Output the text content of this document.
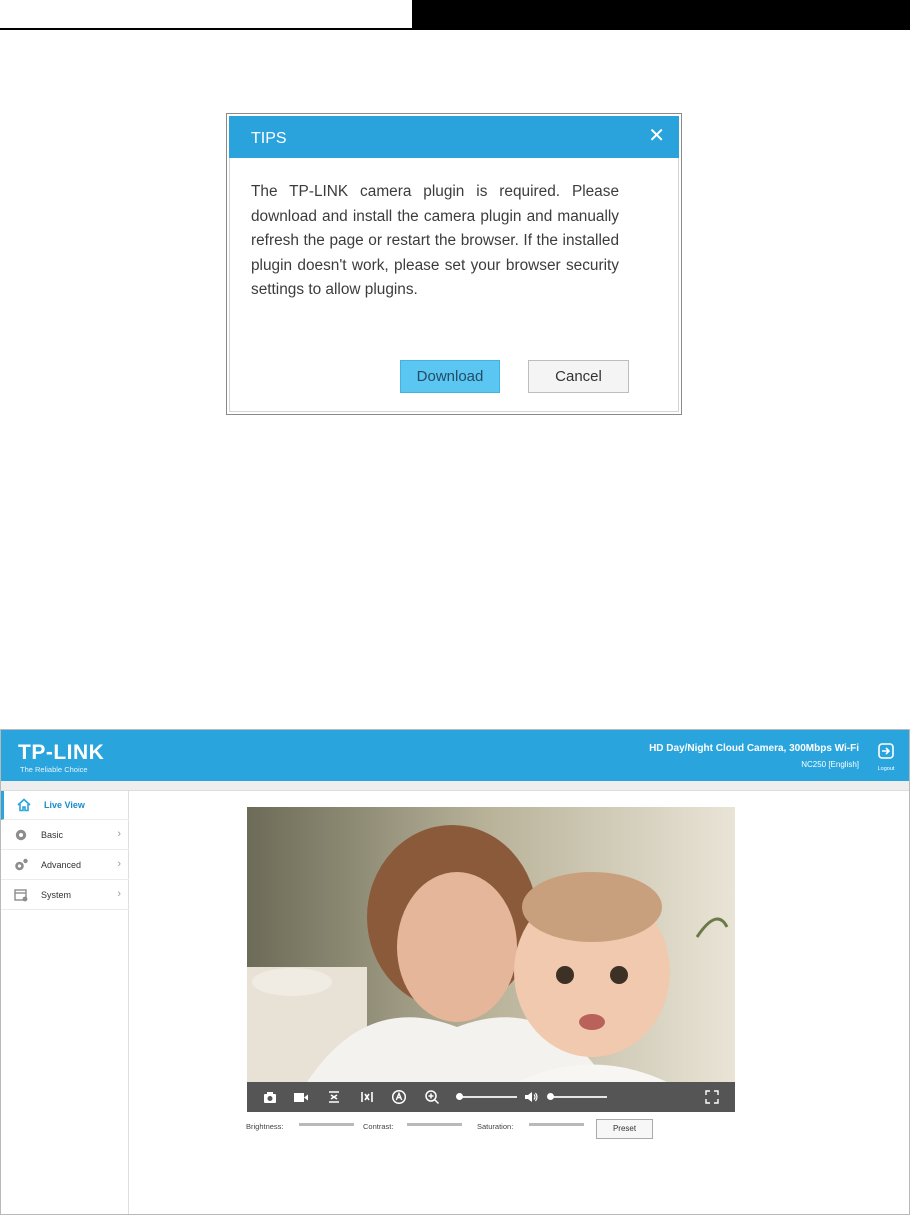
TIPS	✕

The TP-LINK camera plugin is required. Please download and install the camera plugin and manually refresh the page or restart the browser. If the installed plugin doesn't work, please set your browser security settings to allow plugins.

Download	Cancel
TP-LINK
The Reliable Choice
HD Day/Night Cloud Camera, 300Mbps Wi-Fi
NC250 [English]	Logout
Live View
Basic	›
Advanced	›
System	›
Brightness:	Contrast:	Saturation:	Preset
